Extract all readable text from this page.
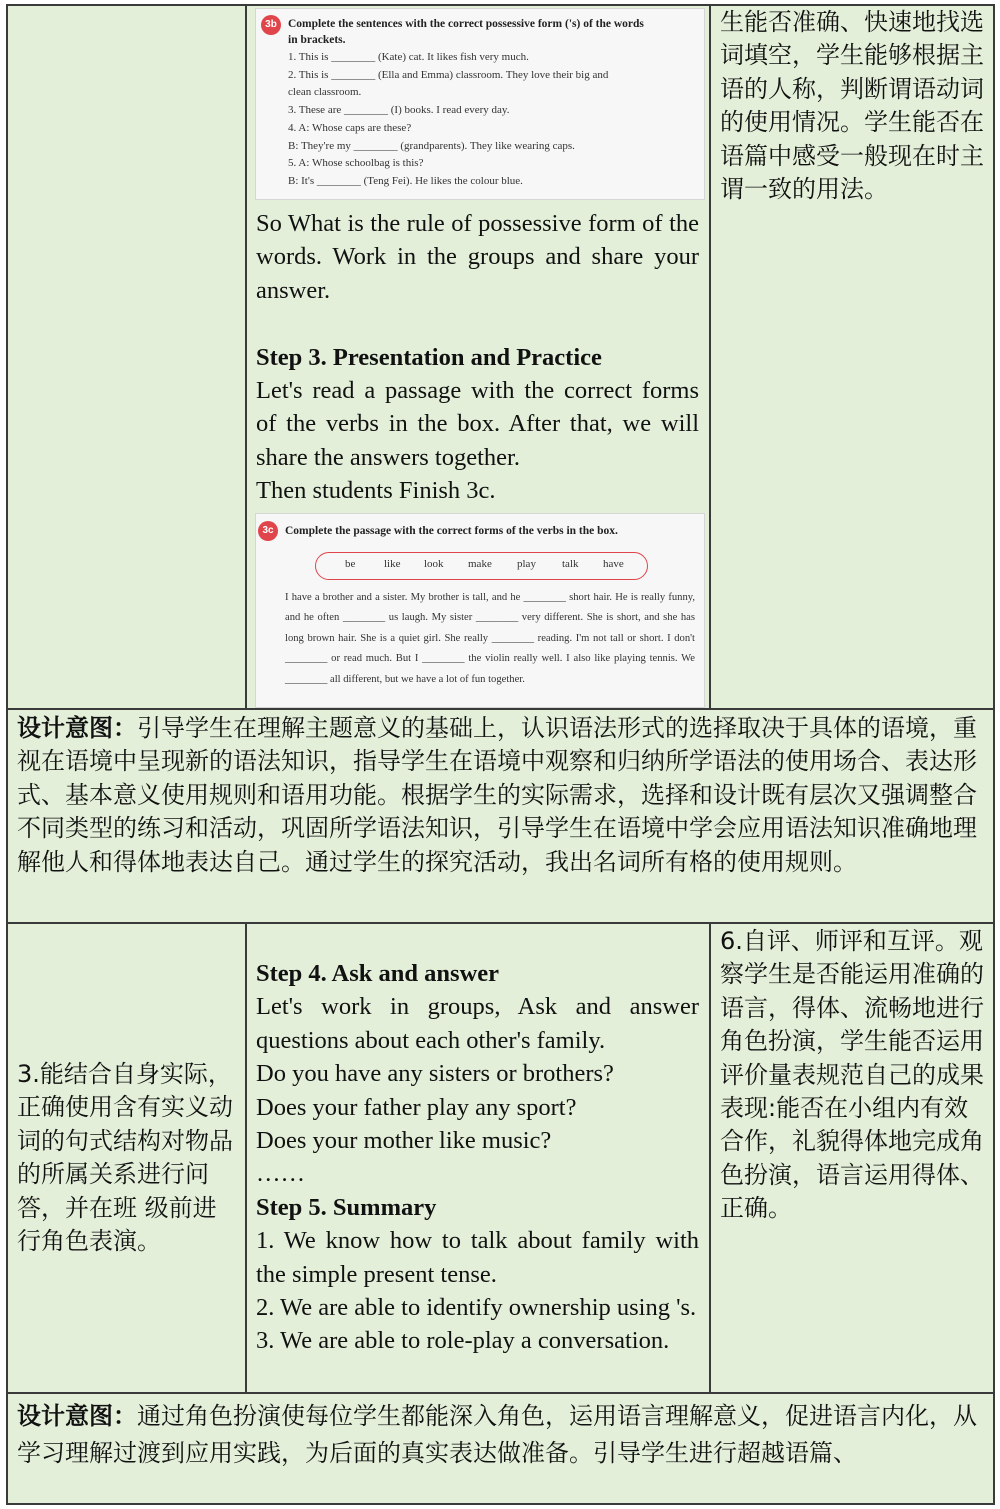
3b Complete the sentences with the correct possessive form ('s) of the words
in brackets.
1. This is ________ (Kate) cat. It likes fish very much.
2. This is ________ (Ella and Emma) classroom. They love their big and
clean classroom.
3. These are ________ (I) books. I read every day.
4. A: Whose caps are these?
B: They're my ________ (grandparents). They like wearing caps.
5. A: Whose schoolbag is this?
B: It's ________ (Teng Fei). He likes the colour blue.

So What is the rule of possessive form of the words. Work in the groups and share your answer.

Step 3. Presentation and Practice

Let's read a passage with the correct forms of the verbs in the box. After that, we will share the answers together.

Then students Finish 3c.

3c Complete the passage with the correct forms of the verbs in the box.
be	like look make play talk have

I have a brother and a sister. My brother is tall, and he ________ short hair. He is really funny, and he often ________ us laugh. My sister ________ very different. She is short, and she has long brown hair. She is a quiet girl. She really ________ reading. I'm not tall or short. I don't ________ or read much. But I ________ the violin really well. I also like playing tennis. We ________ all different, but we have a lot of fun together.

生能否准确、快速地找选词填空，学生能够根据主语的人称，判断谓语动词的使用情况。学生能否在语篇中感受一般现在时主谓一致的用法。

设计意图：引导学生在理解主题意义的基础上，认识语法形式的选择取决于具体的语境，重视在语境中呈现新的语法知识，指导学生在语境中观察和归纳所学语法的使用场合、表达形式、基本意义使用规则和语用功能。根据学生的实际需求，选择和设计既有层次又强调整合不同类型的练习和活动，巩固所学语法知识，引导学生在语境中学会应用语法知识准确地理解他人和得体地表达自己。通过学生的探究活动，我出名词所有格的使用规则。

3.能结合自身实际，正确使用含有实义动词的句式结构对物品的所属关系进行问答，并在班 级前进行角色表演。

Step 4. Ask and answer

Let's work in groups, Ask and answer questions about each other's family.

Do you have any sisters or brothers?

Does your father play any sport?

Does your mother like music?

……

Step 5. Summary

1. We know how to talk about family with the simple present tense.

2. We are able to identify ownership using 's.

3. We are able to role-play a conversation.

6.自评、师评和互评。观察学生是否能运用准确的语言，得体、流畅地进行角色扮演，学生能否运用评价量表规范自己的成果表现:能否在小组内有效合作，礼貌得体地完成角色扮演，语言运用得体、正确。

设计意图：通过角色扮演使每位学生都能深入角色，运用语言理解意义，促进语言内化，从学习理解过渡到应用实践，为后面的真实表达做准备。引导学生进行超越语篇、
